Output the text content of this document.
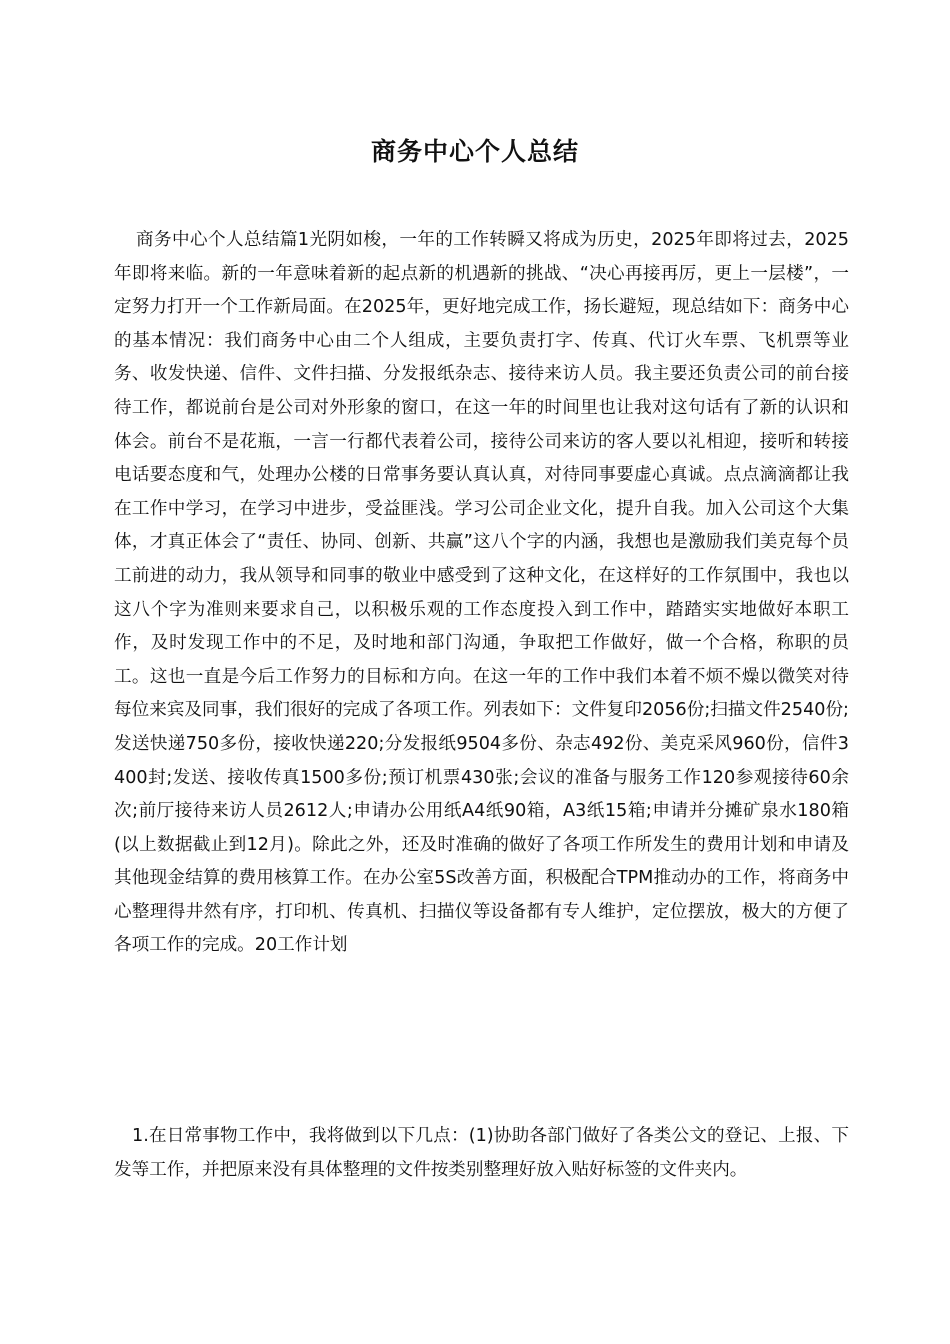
商务中心个人总结

商务中心个人总结篇1光阴如梭，一年的工作转瞬又将成为历史，2025年即将过去，2025年即将来临。新的一年意味着新的起点新的机遇新的挑战、“决心再接再厉，更上一层楼”，一定努力打开一个工作新局面。在2025年，更好地完成工作，扬长避短，现总结如下：商务中心的基本情况：我们商务中心由二个人组成，主要负责打字、传真、代订火车票、飞机票等业务、收发快递、信件、文件扫描、分发报纸杂志、接待来访人员。我主要还负责公司的前台接待工作，都说前台是公司对外形象的窗口，在这一年的时间里也让我对这句话有了新的认识和体会。前台不是花瓶，一言一行都代表着公司，接待公司来访的客人要以礼相迎，接听和转接电话要态度和气，处理办公楼的日常事务要认真认真，对待同事要虚心真诚。点点滴滴都让我在工作中学习，在学习中进步，受益匪浅。学习公司企业文化，提升自我。加入公司这个大集体，才真正体会了“责任、协同、创新、共赢”这八个字的内涵，我想也是激励我们美克每个员工前进的动力，我从领导和同事的敬业中感受到了这种文化，在这样好的工作氛围中，我也以这八个字为准则来要求自己，以积极乐观的工作态度投入到工作中，踏踏实实地做好本职工作，及时发现工作中的不足，及时地和部门沟通，争取把工作做好，做一个合格，称职的员工。这也一直是今后工作努力的目标和方向。在这一年的工作中我们本着不烦不燥以微笑对待每位来宾及同事，我们很好的完成了各项工作。列表如下：文件复印2056份;扫描文件2540份;发送快递750多份，接收快递220;分发报纸9504多份、杂志492份、美克采风960份，信件3400封;发送、接收传真1500多份;预订机票430张;会议的准备与服务工作120参观接待60余次;前厅接待来访人员2612人;申请办公用纸A4纸90箱，A3纸15箱;申请并分摊矿泉水180箱(以上数据截止到12月)。除此之外，还及时准确的做好了各项工作所发生的费用计划和申请及其他现金结算的费用核算工作。在办公室5S改善方面，积极配合TPM推动办的工作，将商务中心整理得井然有序，打印机、传真机、扫描仪等设备都有专人维护，定位摆放，极大的方便了各项工作的完成。20工作计划

1.在日常事物工作中，我将做到以下几点：(1)协助各部门做好了各类公文的登记、上报、下发等工作，并把原来没有具体整理的文件按类别整理好放入贴好标签的文件夹内。
